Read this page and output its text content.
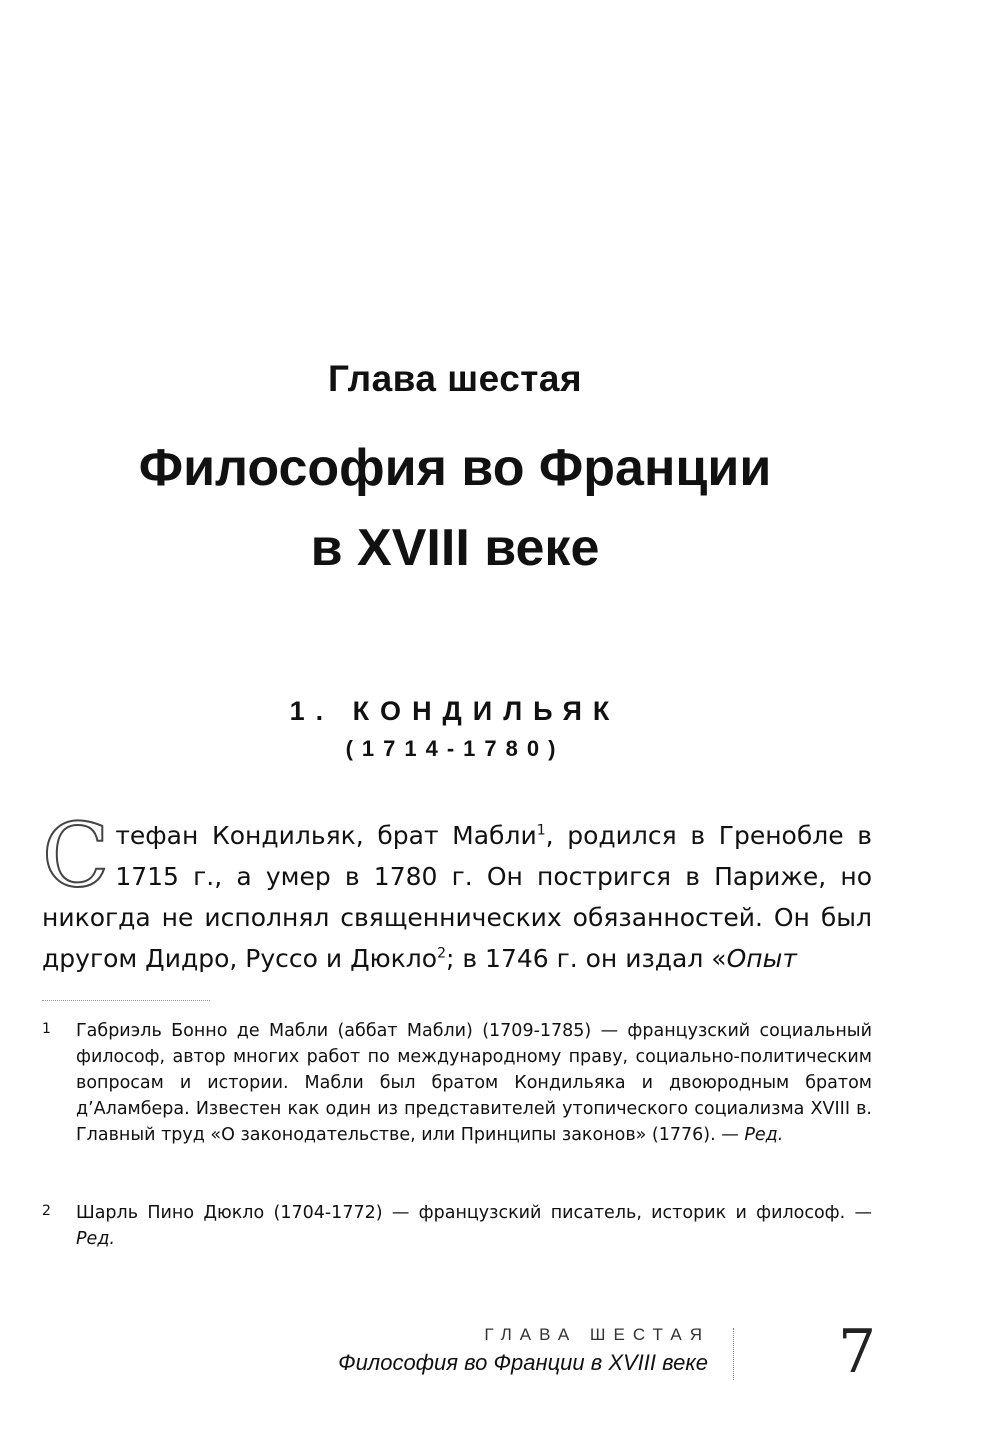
Глава шестая
Философия во Франции
в XVIII веке
1. КОНДИЛЬЯК
(1714-1780)

Стефан Кондильяк, брат Мабли$^1$, родился в Гренобле в 1715 г., а умер в 1780 г. Он постригся в Париже, но никогда не исполнял священнических обязанностей. Он был другом Дидро, Руссо и Дюкло$^2$; в 1746 г. он издал «Опыт

1 Габриэль Бонно де Мабли (аббат Мабли) (1709-1785) — французский социальный философ, автор многих работ по международному праву, социально-политическим вопросам и истории. Мабли был братом Кондильяка и двоюродным братом д’Аламбера. Известен как один из представителей утопического социализма XVIII в. Главный труд «О законодательстве, или Принципы законов» (1776). — Ред.
2 Шарль Пино Дюкло (1704-1772) — французский писатель, историк и философ. — Ред.
ГЛАВА ШЕСТАЯ
Философия во Франции в XVIII веке 7
